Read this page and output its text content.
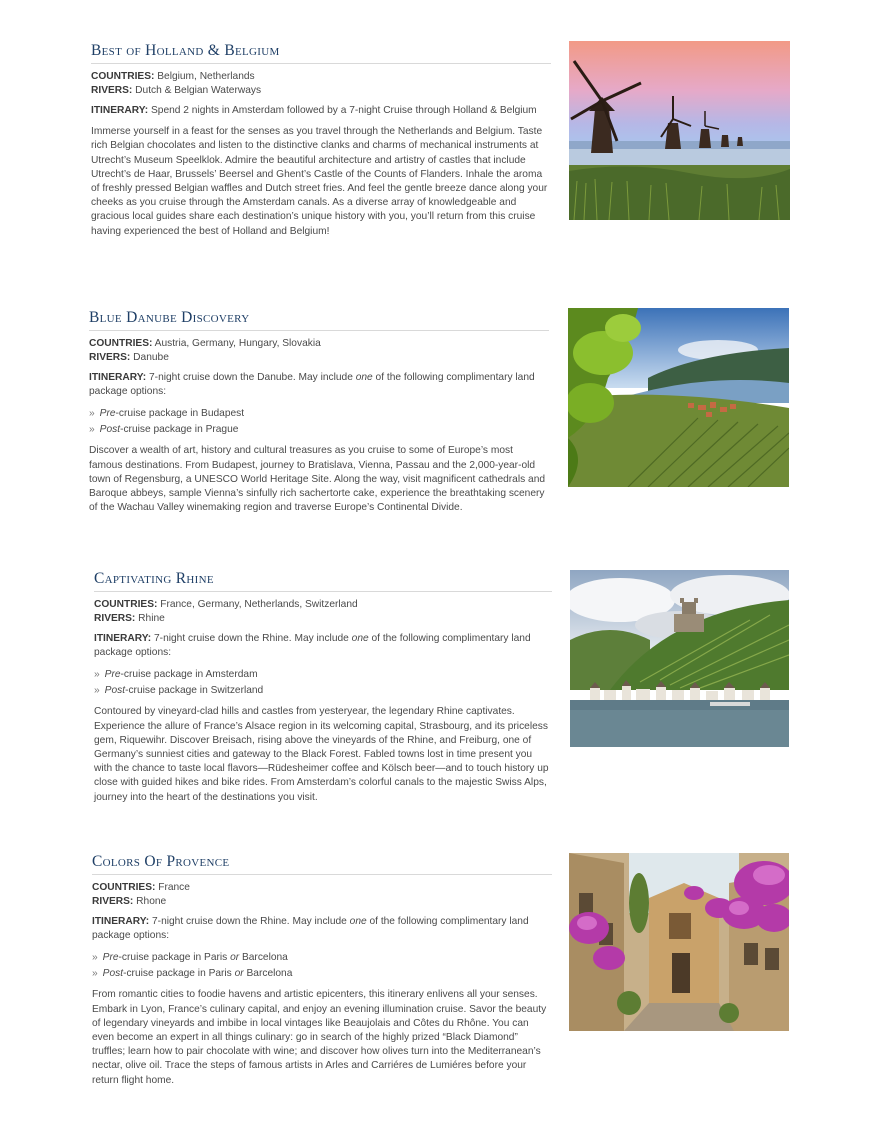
Best of Holland & Belgium
COUNTRIES: Belgium, Netherlands
RIVERS: Dutch & Belgian Waterways

ITINERARY: Spend 2 nights in Amsterdam followed by a 7-night Cruise through Holland & Belgium

Immerse yourself in a feast for the senses as you travel through the Netherlands and Belgium. Taste rich Belgian chocolates and listen to the distinctive clanks and charms of mechanical instruments at Utrecht’s Museum Speelklok. Admire the beautiful architecture and artistry of castles that include Utrecht’s de Haar, Brussels’ Beersel and Ghent’s Castle of the Counts of Flanders. Inhale the aroma of freshly pressed Belgian waffles and Dutch street fries. And feel the gentle breeze dance along your cheeks as you cruise through the Amsterdam canals. As a diverse array of knowledgeable and gracious local guides share each destination’s unique history with you, you’ll return from this cruise having experienced the best of Holland and Belgium!

Blue Danube Discovery
COUNTRIES: Austria, Germany, Hungary, Slovakia
RIVERS: Danube

ITINERARY: 7-night cruise down the Danube. May include one of the following complimentary land package options:

» Pre-cruise package in Budapest
» Post-cruise package in Prague

Discover a wealth of art, history and cultural treasures as you cruise to some of Europe’s most famous destinations. From Budapest, journey to Bratislava, Vienna, Passau and the 2,000-year-old town of Regensburg, a UNESCO World Heritage Site. Along the way, visit magnificent cathedrals and Baroque abbeys, sample Vienna’s sinfully rich sachertorte cake, experience the breathtaking scenery of the Wachau Valley winemaking region and traverse Europe’s Continental Divide.

Captivating Rhine
COUNTRIES: France, Germany, Netherlands, Switzerland
RIVERS: Rhine

ITINERARY: 7-night cruise down the Rhine. May include one of the following complimentary land package options:

» Pre-cruise package in Amsterdam
» Post-cruise package in Switzerland

Contoured by vineyard-clad hills and castles from yesteryear, the legendary Rhine captivates. Experience the allure of France’s Alsace region in its welcoming capital, Strasbourg, and its priceless gem, Riquewihr. Discover Breisach, rising above the vineyards of the Rhine, and Freiburg, one of Germany’s sunniest cities and gateway to the Black Forest. Fabled towns lost in time present you with the chance to taste local flavors—Rüdesheimer coffee and Kölsch beer—and to touch history up close with guided hikes and bike rides. From Amsterdam’s colorful canals to the majestic Swiss Alps, journey into the heart of the destinations you visit.

Colors Of Provence
COUNTRIES: France
RIVERS: Rhone

ITINERARY: 7-night cruise down the Rhine. May include one of the following complimentary land package options:

» Pre-cruise package in Paris or Barcelona
» Post-cruise package in Paris or Barcelona

From romantic cities to foodie havens and artistic epicenters, this itinerary enlivens all your senses. Embark in Lyon, France’s culinary capital, and enjoy an evening illumination cruise. Savor the beauty of legendary vineyards and imbibe in local vintages like Beaujolais and Côtes du Rhône. You can even become an expert in all things culinary: go in search of the highly prized “Black Diamond” truffles; learn how to pair chocolate with wine; and discover how olives turn into the Mediterranean’s nectar, olive oil. Trace the steps of famous artists in Arles and Carriéres de Lumiéres before your return flight home.
